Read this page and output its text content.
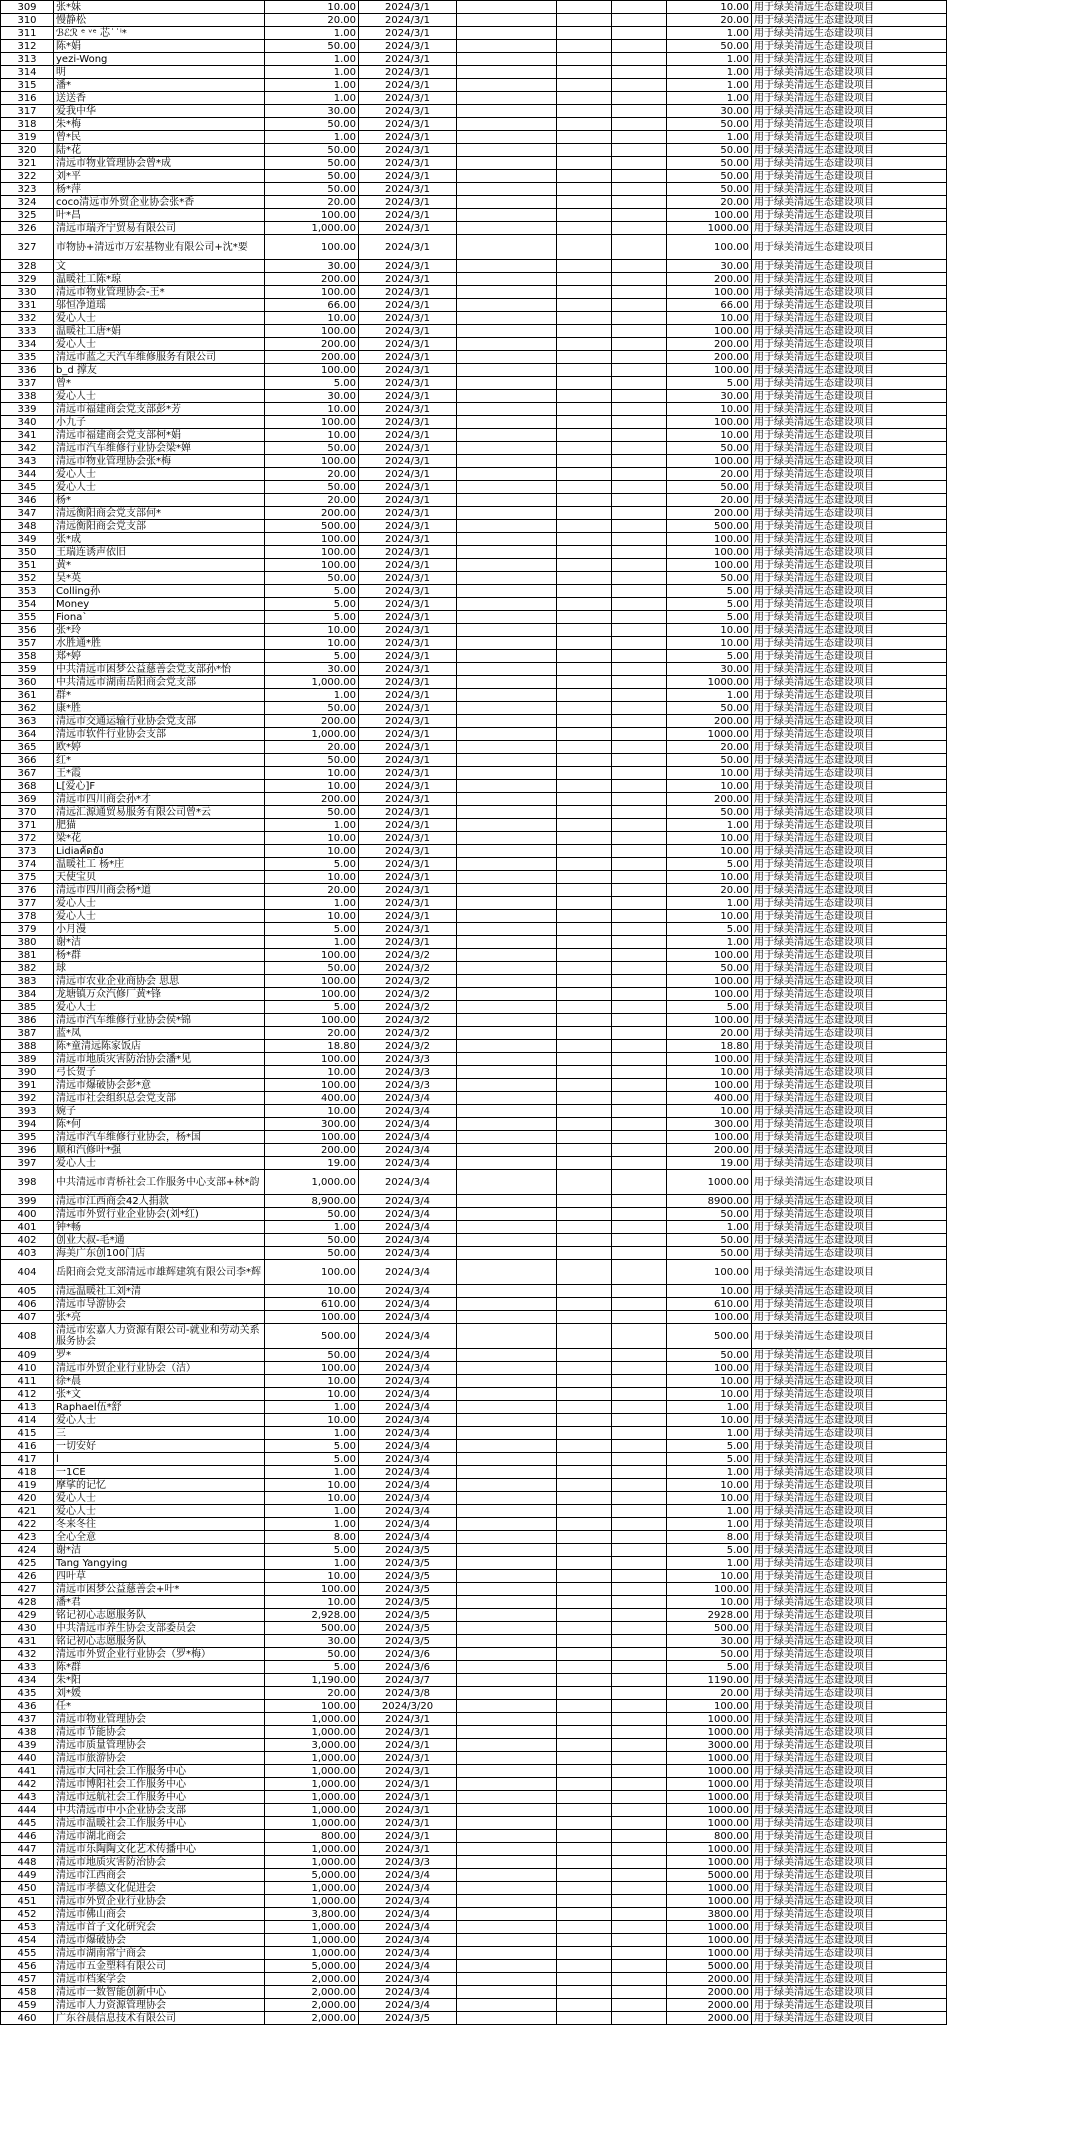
309	张*妹	10.00	2024/3/1				10.00	用于绿美清远生态建设项目
310	慢静松	20.00	2024/3/1				20.00	用于绿美清远生态建设项目
311	ℬℰℛ ᵉ ᵛᵉ 芯˙˙ⁱ*	1.00	2024/3/1				1.00	用于绿美清远生态建设项目
312	陈*娟	50.00	2024/3/1				50.00	用于绿美清远生态建设项目
313	yezi-Wong	1.00	2024/3/1				1.00	用于绿美清远生态建设项目
314	明	1.00	2024/3/1				1.00	用于绿美清远生态建设项目
315	潘*	1.00	2024/3/1				1.00	用于绿美清远生态建设项目
316	送送香	1.00	2024/3/1				1.00	用于绿美清远生态建设项目
317	爱我中华	30.00	2024/3/1				30.00	用于绿美清远生态建设项目
318	朱*梅	50.00	2024/3/1				50.00	用于绿美清远生态建设项目
319	曾*民	1.00	2024/3/1				1.00	用于绿美清远生态建设项目
320	陆*花	50.00	2024/3/1				50.00	用于绿美清远生态建设项目
321	清远市物业管理协会曾*成	50.00	2024/3/1				50.00	用于绿美清远生态建设项目
322	刘*平	50.00	2024/3/1				50.00	用于绿美清远生态建设项目
323	杨*萍	50.00	2024/3/1				50.00	用于绿美清远生态建设项目
324	coco清远市外贸企业协会张*香	20.00	2024/3/1				20.00	用于绿美清远生态建设项目
325	叶*昌	100.00	2024/3/1				100.00	用于绿美清远生态建设项目
326	清远市瑞齐宁贸易有限公司	1,000.00	2024/3/1				1000.00	用于绿美清远生态建设项目
327	市物协+清远市万宏基物业有限公司+沈*要	100.00	2024/3/1				100.00	用于绿美清远生态建设项目
328	文	30.00	2024/3/1				30.00	用于绿美清远生态建设项目
329	温暖社工陈*琼	200.00	2024/3/1				200.00	用于绿美清远生态建设项目
330	清远市物业管理协会-王*	100.00	2024/3/1				100.00	用于绿美清远生态建设项目
331	邬恒净道瑶	66.00	2024/3/1				66.00	用于绿美清远生态建设项目
332	爱心人士	10.00	2024/3/1				10.00	用于绿美清远生态建设项目
333	温暖社工唐*娟	100.00	2024/3/1				100.00	用于绿美清远生态建设项目
334	爱心人士	200.00	2024/3/1				200.00	用于绿美清远生态建设项目
335	清远市蓝之天汽车维修服务有限公司	200.00	2024/3/1				200.00	用于绿美清远生态建设项目
336	b_d 撑友	100.00	2024/3/1				100.00	用于绿美清远生态建设项目
337	曾*	5.00	2024/3/1				5.00	用于绿美清远生态建设项目
338	爱心人士	30.00	2024/3/1				30.00	用于绿美清远生态建设项目
339	清远市福建商会党支部彭*芳	10.00	2024/3/1				10.00	用于绿美清远生态建设项目
340	小九子	100.00	2024/3/1				100.00	用于绿美清远生态建设项目
341	清远市福建商会党支部柯*娟	10.00	2024/3/1				10.00	用于绿美清远生态建设项目
342	清远市汽车维修行业协会梁*婵	50.00	2024/3/1				50.00	用于绿美清远生态建设项目
343	清远市物业管理协会张*梅	100.00	2024/3/1				100.00	用于绿美清远生态建设项目
344	爱心人士	20.00	2024/3/1				20.00	用于绿美清远生态建设项目
345	爱心人士	50.00	2024/3/1				50.00	用于绿美清远生态建设项目
346	杨*	20.00	2024/3/1				20.00	用于绿美清远生态建设项目
347	清远衡阳商会党支部何*	200.00	2024/3/1				200.00	用于绿美清远生态建设项目
348	清远衡阳商会党支部	500.00	2024/3/1				500.00	用于绿美清远生态建设项目
349	张*成	100.00	2024/3/1				100.00	用于绿美清远生态建设项目
350	王瑞连诱声依旧	100.00	2024/3/1				100.00	用于绿美清远生态建设项目
351	黄*	100.00	2024/3/1				100.00	用于绿美清远生态建设项目
352	吴*英	50.00	2024/3/1				50.00	用于绿美清远生态建设项目
353	Colling孙	5.00	2024/3/1				5.00	用于绿美清远生态建设项目
354	Money	5.00	2024/3/1				5.00	用于绿美清远生态建设项目
355	Fiona`	5.00	2024/3/1				5.00	用于绿美清远生态建设项目
356	张*玲	10.00	2024/3/1				10.00	用于绿美清远生态建设项目
357	水胜通*胜	10.00	2024/3/1				10.00	用于绿美清远生态建设项目
358	郑*婷	5.00	2024/3/1				5.00	用于绿美清远生态建设项目
359	中共清远市困梦公益慈善会党支部孙*怡	30.00	2024/3/1				30.00	用于绿美清远生态建设项目
360	中共清远市湖南岳阳商会党支部	1,000.00	2024/3/1				1000.00	用于绿美清远生态建设项目
361	群*	1.00	2024/3/1				1.00	用于绿美清远生态建设项目
362	康*胜	50.00	2024/3/1				50.00	用于绿美清远生态建设项目
363	清远市交通运输行业协会党支部	200.00	2024/3/1				200.00	用于绿美清远生态建设项目
364	清远市软件行业协会支部	1,000.00	2024/3/1				1000.00	用于绿美清远生态建设项目
365	欧*婷	20.00	2024/3/1				20.00	用于绿美清远生态建设项目
366	红*	50.00	2024/3/1				50.00	用于绿美清远生态建设项目
367	王*霞	10.00	2024/3/1				10.00	用于绿美清远生态建设项目
368	L[爱心]F	10.00	2024/3/1				10.00	用于绿美清远生态建设项目
369	清远市四川商会孙*才	200.00	2024/3/1				200.00	用于绿美清远生态建设项目
370	清远汇源通贸易服务有限公司曾*云	50.00	2024/3/1				50.00	用于绿美清远生态建设项目
371	肥猫	1.00	2024/3/1				1.00	用于绿美清远生态建设项目
372	梁*花	10.00	2024/3/1				10.00	用于绿美清远生态建设项目
373	Lidiaฅ้ดยัง	10.00	2024/3/1				10.00	用于绿美清远生态建设项目
374	温暖社工 杨*庄	5.00	2024/3/1				5.00	用于绿美清远生态建设项目
375	天使宝贝	10.00	2024/3/1				10.00	用于绿美清远生态建设项目
376	清远市四川商会杨*道	20.00	2024/3/1				20.00	用于绿美清远生态建设项目
377	爱心人士	1.00	2024/3/1				1.00	用于绿美清远生态建设项目
378	爱心人士	10.00	2024/3/1				10.00	用于绿美清远生态建设项目
379	小月漫	5.00	2024/3/1				5.00	用于绿美清远生态建设项目
380	谢*洁	1.00	2024/3/1				1.00	用于绿美清远生态建设项目
381	杨*群	100.00	2024/3/2				100.00	用于绿美清远生态建设项目
382	球	50.00	2024/3/2				50.00	用于绿美清远生态建设项目
383	清远市农业企业商协会 思思	100.00	2024/3/2				100.00	用于绿美清远生态建设项目
384	龙塘镇万众汽修厂黄*锋	100.00	2024/3/2				100.00	用于绿美清远生态建设项目
385	爱心人士	5.00	2024/3/2				5.00	用于绿美清远生态建设项目
386	清远市汽车维修行业协会侯*锦	100.00	2024/3/2				100.00	用于绿美清远生态建设项目
387	蓝*凤	20.00	2024/3/2				20.00	用于绿美清远生态建设项目
388	陈*童清远陈家饭店	18.80	2024/3/2				18.80	用于绿美清远生态建设项目
389	清远市地质灾害防治协会潘*见	100.00	2024/3/3				100.00	用于绿美清远生态建设项目
390	弓长贺子	10.00	2024/3/3				10.00	用于绿美清远生态建设项目
391	清远市爆破协会彭*意	100.00	2024/3/3				100.00	用于绿美清远生态建设项目
392	清远市社会组织总会党支部	400.00	2024/3/4				400.00	用于绿美清远生态建设项目
393	婉子	10.00	2024/3/4				10.00	用于绿美清远生态建设项目
394	陈*何	300.00	2024/3/4				300.00	用于绿美清远生态建设项目
395	清远市汽车维修行业协会，杨*国	100.00	2024/3/4				100.00	用于绿美清远生态建设项目
396	顺和汽修叶*强	200.00	2024/3/4				200.00	用于绿美清远生态建设项目
397	爱心人士	19.00	2024/3/4				19.00	用于绿美清远生态建设项目
398	中共清远市青桥社会工作服务中心支部+林*韵	1,000.00	2024/3/4				1000.00	用于绿美清远生态建设项目
399	清远市江西商会42人捐款	8,900.00	2024/3/4				8900.00	用于绿美清远生态建设项目
400	清远市外贸行业企业协会(刘*红)	50.00	2024/3/4				50.00	用于绿美清远生态建设项目
401	钟*畅	1.00	2024/3/4				1.00	用于绿美清远生态建设项目
402	创业大叔-毛*通	50.00	2024/3/4				50.00	用于绿美清远生态建设项目
403	海美广东创100门店	50.00	2024/3/4				50.00	用于绿美清远生态建设项目
404	岳阳商会党支部清远市雄辉建筑有限公司李*辉	100.00	2024/3/4				100.00	用于绿美清远生态建设项目
405	清远温暖社工刘*清	10.00	2024/3/4				10.00	用于绿美清远生态建设项目
406	清远市导游协会	610.00	2024/3/4				610.00	用于绿美清远生态建设项目
407	张*亮	100.00	2024/3/4				100.00	用于绿美清远生态建设项目
408	清远市宏嘉人力资源有限公司-就业和劳动关系服务协会	500.00	2024/3/4				500.00	用于绿美清远生态建设项目
409	罗*	50.00	2024/3/4				50.00	用于绿美清远生态建设项目
410	清远市外贸企业行业协会（洁）	100.00	2024/3/4				100.00	用于绿美清远生态建设项目
411	徐*晨	10.00	2024/3/4				10.00	用于绿美清远生态建设项目
412	张*文	10.00	2024/3/4				10.00	用于绿美清远生态建设项目
413	Raphael伍*舒	1.00	2024/3/4				1.00	用于绿美清远生态建设项目
414	爱心人士	10.00	2024/3/4				10.00	用于绿美清远生态建设项目
415	三	1.00	2024/3/4				1.00	用于绿美清远生态建设项目
416	一切安好	5.00	2024/3/4				5.00	用于绿美清远生态建设项目
417	l	5.00	2024/3/4				5.00	用于绿美清远生态建设项目
418	一1CE	1.00	2024/3/4				1.00	用于绿美清远生态建设项目
419	摩挲的记忆	10.00	2024/3/4				10.00	用于绿美清远生态建设项目
420	爱心人士	10.00	2024/3/4				10.00	用于绿美清远生态建设项目
421	爱心人士	1.00	2024/3/4				1.00	用于绿美清远生态建设项目
422	冬来冬往	1.00	2024/3/4				1.00	用于绿美清远生态建设项目
423	全心全意	8.00	2024/3/4				8.00	用于绿美清远生态建设项目
424	谢*洁	5.00	2024/3/5				5.00	用于绿美清远生态建设项目
425	Tang Yangying	1.00	2024/3/5				1.00	用于绿美清远生态建设项目
426	四叶草	10.00	2024/3/5				10.00	用于绿美清远生态建设项目
427	清远市困梦公益慈善会+叶*	100.00	2024/3/5				100.00	用于绿美清远生态建设项目
428	潘*君	10.00	2024/3/5				10.00	用于绿美清远生态建设项目
429	铭记初心志愿服务队	2,928.00	2024/3/5				2928.00	用于绿美清远生态建设项目
430	中共清远市养生协会支部委员会	500.00	2024/3/5				500.00	用于绿美清远生态建设项目
431	铭记初心志愿服务队	30.00	2024/3/5				30.00	用于绿美清远生态建设项目
432	清远市外贸企业行业协会（罗*梅）	50.00	2024/3/6				50.00	用于绿美清远生态建设项目
433	陈*群	5.00	2024/3/6				5.00	用于绿美清远生态建设项目
434	朱*阳	1,190.00	2024/3/7				1190.00	用于绿美清远生态建设项目
435	刘*媛	20.00	2024/3/8				20.00	用于绿美清远生态建设项目
436	任*	100.00	2024/3/20				100.00	用于绿美清远生态建设项目
437	清远市物业管理协会	1,000.00	2024/3/1				1000.00	用于绿美清远生态建设项目
438	清远市节能协会	1,000.00	2024/3/1				1000.00	用于绿美清远生态建设项目
439	清远市质量管理协会	3,000.00	2024/3/1				3000.00	用于绿美清远生态建设项目
440	清远市旅游协会	1,000.00	2024/3/1				1000.00	用于绿美清远生态建设项目
441	清远市大同社会工作服务中心	1,000.00	2024/3/1				1000.00	用于绿美清远生态建设项目
442	清远市博阳社会工作服务中心	1,000.00	2024/3/1				1000.00	用于绿美清远生态建设项目
443	清远市远航社会工作服务中心	1,000.00	2024/3/1				1000.00	用于绿美清远生态建设项目
444	中共清远市中小企业协会支部	1,000.00	2024/3/1				1000.00	用于绿美清远生态建设项目
445	清远市温暖社会工作服务中心	1,000.00	2024/3/1				1000.00	用于绿美清远生态建设项目
446	清远市湖北商会	800.00	2024/3/1				800.00	用于绿美清远生态建设项目
447	清远市乐陶陶文化艺术传播中心	1,000.00	2024/3/1				1000.00	用于绿美清远生态建设项目
448	清远市地质灾害防治协会	1,000.00	2024/3/3				1000.00	用于绿美清远生态建设项目
449	清远市江西商会	5,000.00	2024/3/4				5000.00	用于绿美清远生态建设项目
450	清远市孝德文化促进会	1,000.00	2024/3/4				1000.00	用于绿美清远生态建设项目
451	清远市外贸企业行业协会	1,000.00	2024/3/4				1000.00	用于绿美清远生态建设项目
452	清远市佛山商会	3,800.00	2024/3/4				3800.00	用于绿美清远生态建设项目
453	清远市首子文化研究会	1,000.00	2024/3/4				1000.00	用于绿美清远生态建设项目
454	清远市爆破协会	1,000.00	2024/3/4				1000.00	用于绿美清远生态建设项目
455	清远市湖南常宁商会	1,000.00	2024/3/4				1000.00	用于绿美清远生态建设项目
456	清远市五金塑料有限公司	5,000.00	2024/3/4				5000.00	用于绿美清远生态建设项目
457	清远市档案学会	2,000.00	2024/3/4				2000.00	用于绿美清远生态建设项目
458	清远市一数智能创新中心	2,000.00	2024/3/4				2000.00	用于绿美清远生态建设项目
459	清远市人力资源管理协会	2,000.00	2024/3/4				2000.00	用于绿美清远生态建设项目
460	广东谷晨信息技术有限公司	2,000.00	2024/3/5				2000.00	用于绿美清远生态建设项目
